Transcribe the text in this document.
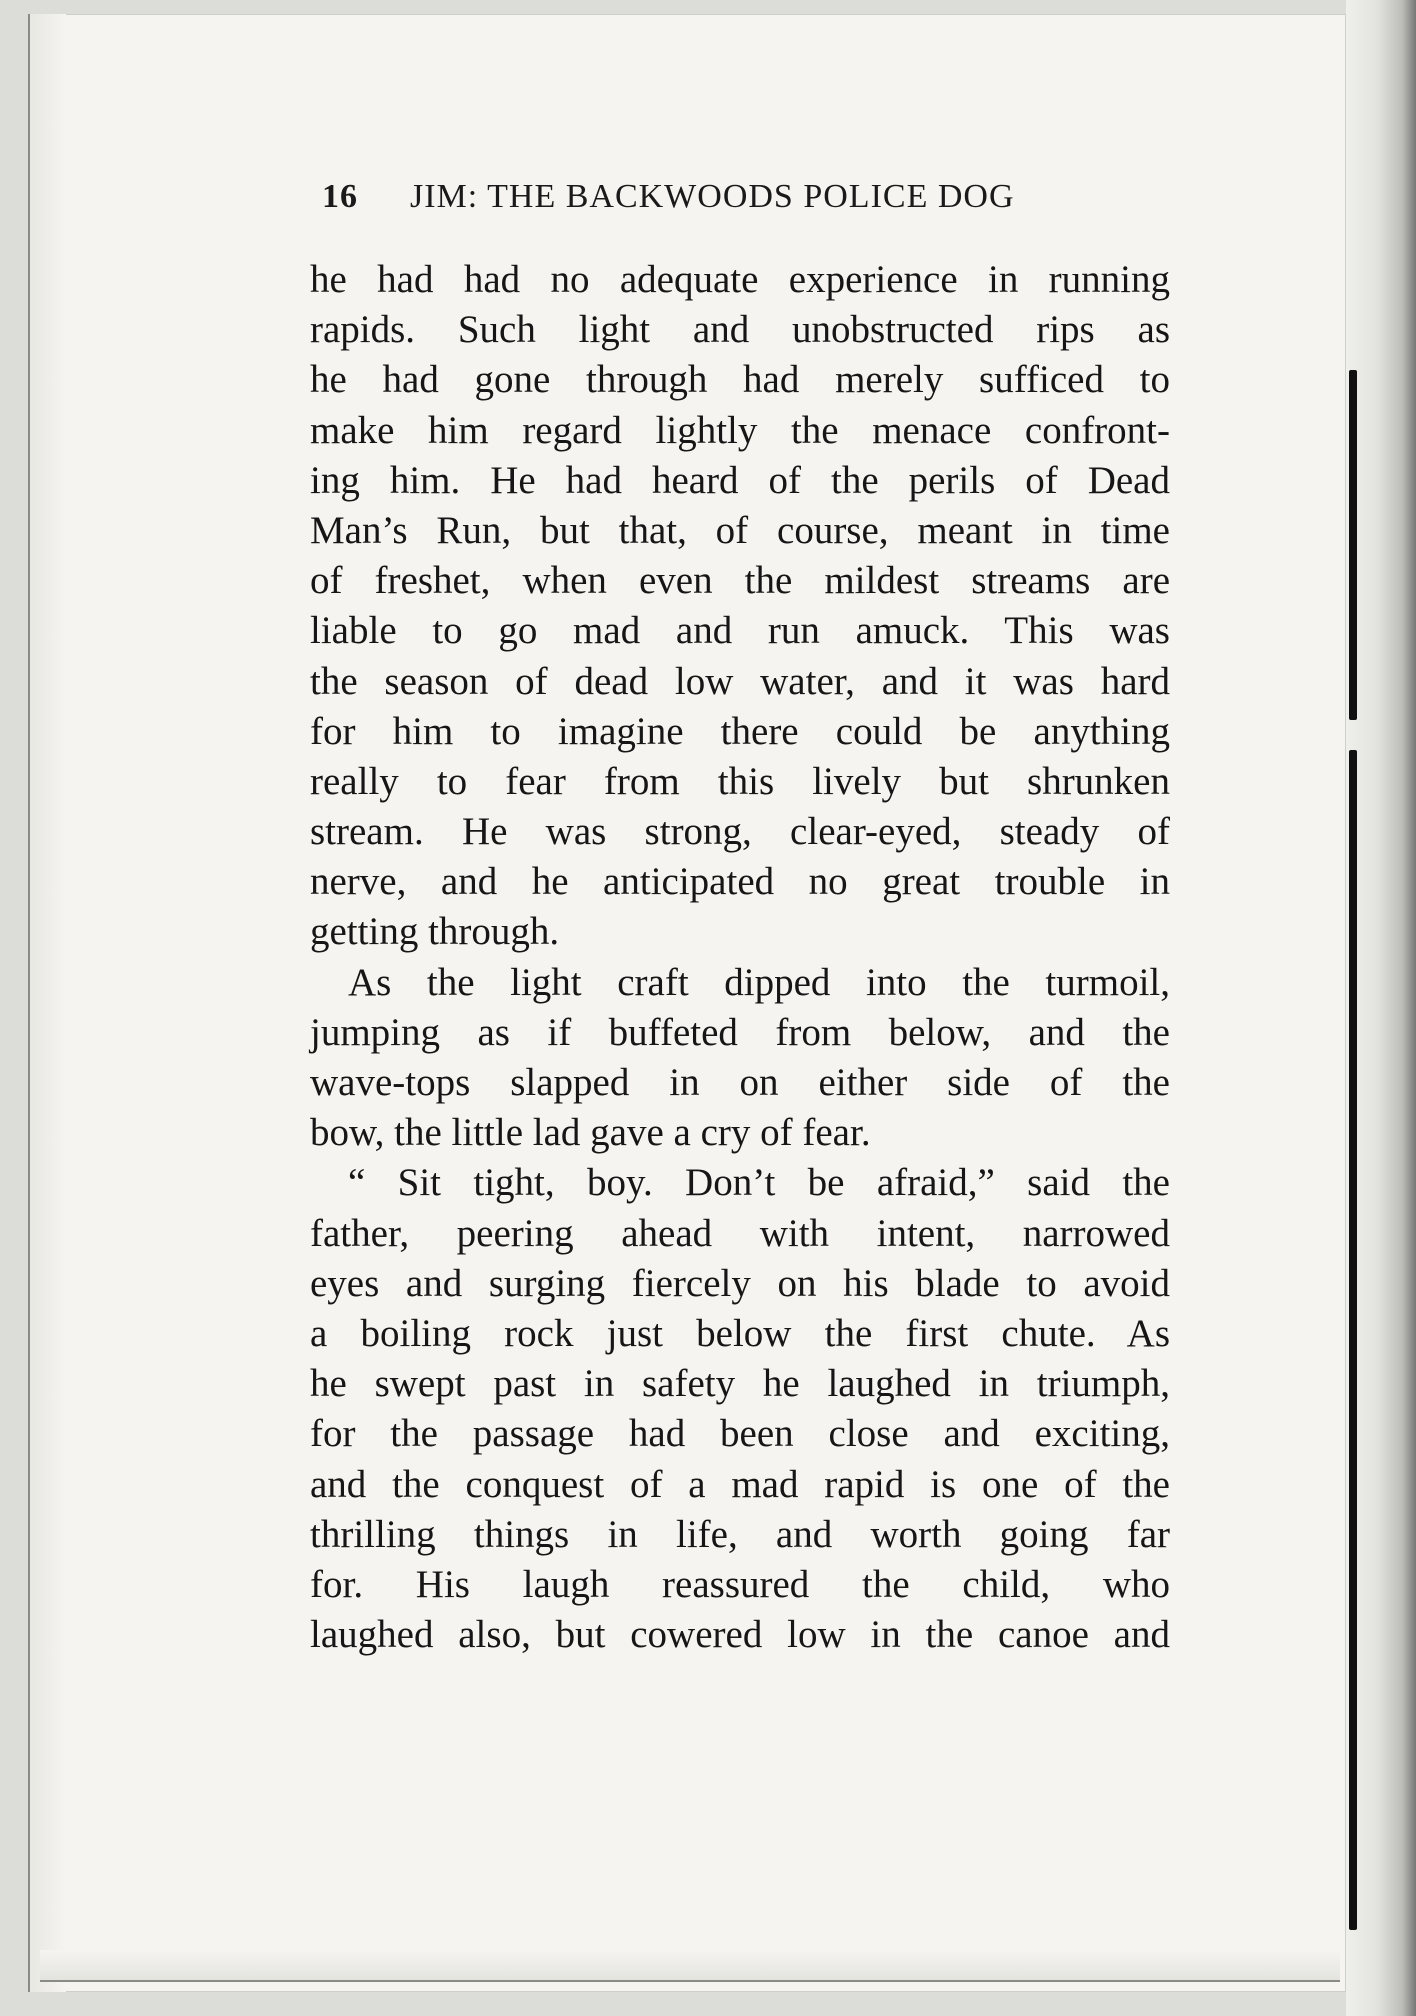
16 JIM: THE BACKWOODS POLICE DOG
he had had no adequate experience in running
rapids. Such light and unobstructed rips as
he had gone through had merely sufficed to
make him regard lightly the menace confront-
ing him. He had heard of the perils of Dead
Man’s Run, but that, of course, meant in time
of freshet, when even the mildest streams are
liable to go mad and run amuck. This was
the season of dead low water, and it was hard
for him to imagine there could be anything
really to fear from this lively but shrunken
stream. He was strong, clear-eyed, steady of
nerve, and he anticipated no great trouble in
getting through.
As the light craft dipped into the turmoil,
jumping as if buffeted from below, and the
wave-tops slapped in on either side of the
bow, the little lad gave a cry of fear.
“ Sit tight, boy. Don’t be afraid,” said the
father, peering ahead with intent, narrowed
eyes and surging fiercely on his blade to avoid
a boiling rock just below the first chute. As
he swept past in safety he laughed in triumph,
for the passage had been close and exciting,
and the conquest of a mad rapid is one of the
thrilling things in life, and worth going far
for. His laugh reassured the child, who
laughed also, but cowered low in the canoe and
